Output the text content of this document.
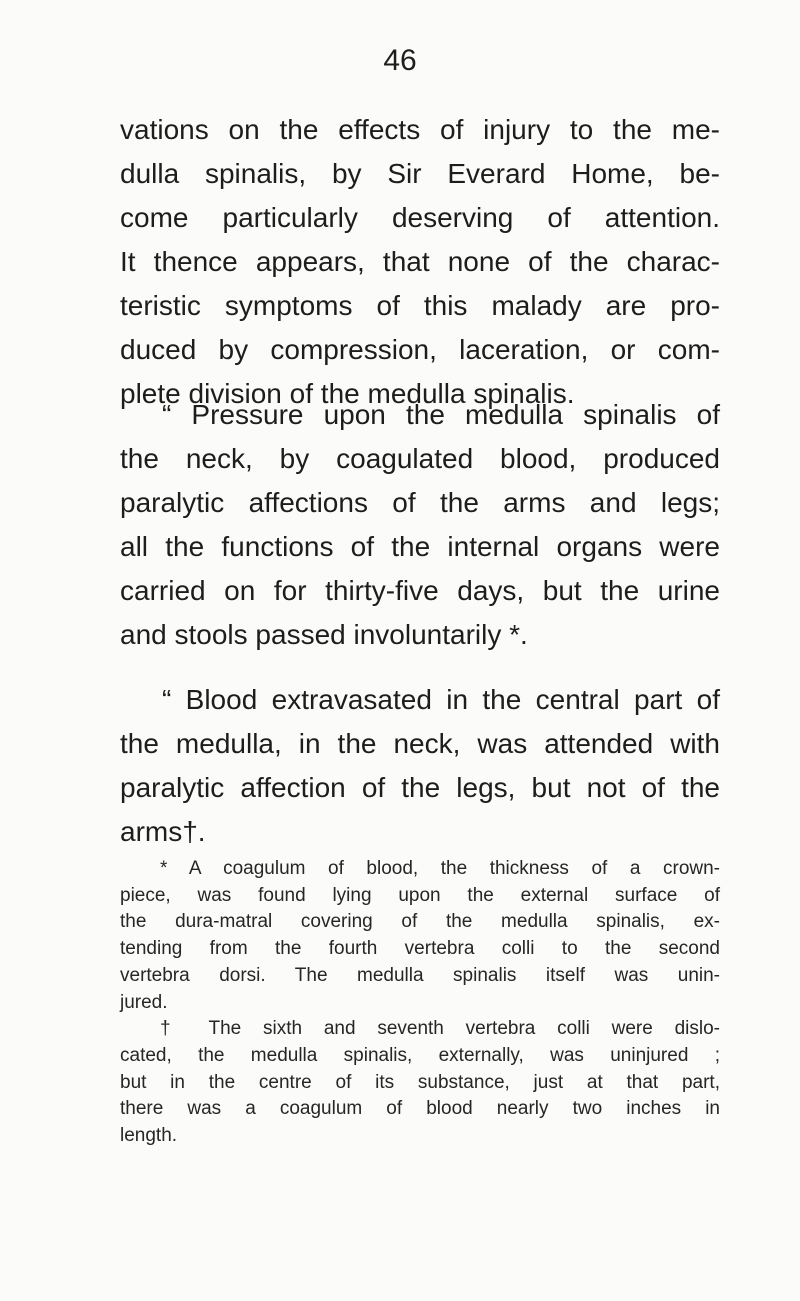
46

vations on the effects of injury to the me-
dulla spinalis, by Sir Everard Home, be-
come particularly deserving of attention.
It thence appears, that none of the charac-
teristic symptoms of this malady are pro-
duced by compression, laceration, or com-
plete division of the medulla spinalis.

“ Pressure upon the medulla spinalis of
the neck, by coagulated blood, produced
paralytic affections of the arms and legs;
all the functions of the internal organs were
carried on for thirty-five days, but the urine
and stools passed involuntarily *.

“ Blood extravasated in the central part of
the medulla, in the neck, was attended with
paralytic affection of the legs, but not of the
arms†.

* A coagulum of blood, the thickness of a crown-
piece, was found lying upon the external surface of
the dura-matral covering of the medulla spinalis, ex-
tending from the fourth vertebra colli to the second
vertebra dorsi. The medulla spinalis itself was unin-
jured.
† The sixth and seventh vertebra colli were dislo-
cated, the medulla spinalis, externally, was uninjured ;
but in the centre of its substance, just at that part,
there was a coagulum of blood nearly two inches in
length.
